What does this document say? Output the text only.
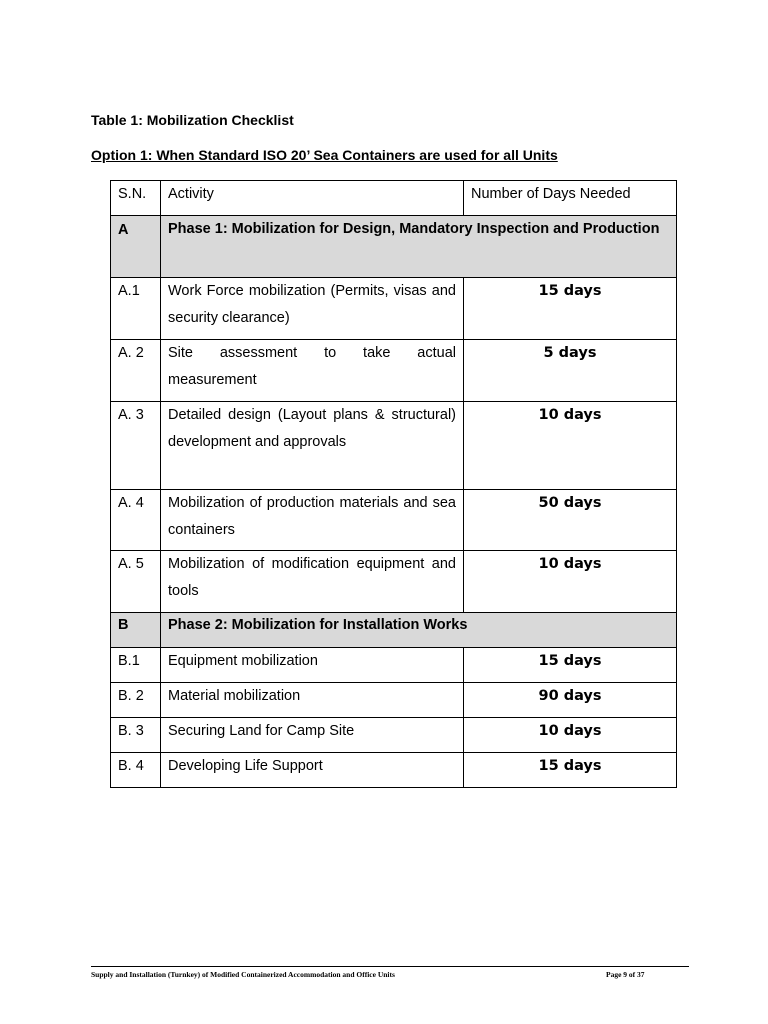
Table 1: Mobilization Checklist
Option 1: When Standard ISO 20’ Sea Containers are used for all Units
S.N.	Activity	Number of Days Needed
A	Phase 1: Mobilization for Design, Mandatory Inspection and Production	
A.1	Work Force mobilization (Permits, visas and security clearance)	15 days
A. 2	Site assessment to take actual measurement	5 days
A. 3	Detailed design (Layout plans & structural) development and approvals	10 days
A. 4	Mobilization of production materials and sea containers	50 days
A. 5	Mobilization of modification equipment and tools	10 days
B	Phase 2: Mobilization for Installation Works	
B.1	Equipment mobilization	15 days
B. 2	Material mobilization	90 days
B. 3	Securing Land for Camp Site	10 days
B. 4	Developing Life Support	15 days
Supply and Installation (Turnkey) of Modified Containerized Accommodation and Office Units	Page 9 of 37
